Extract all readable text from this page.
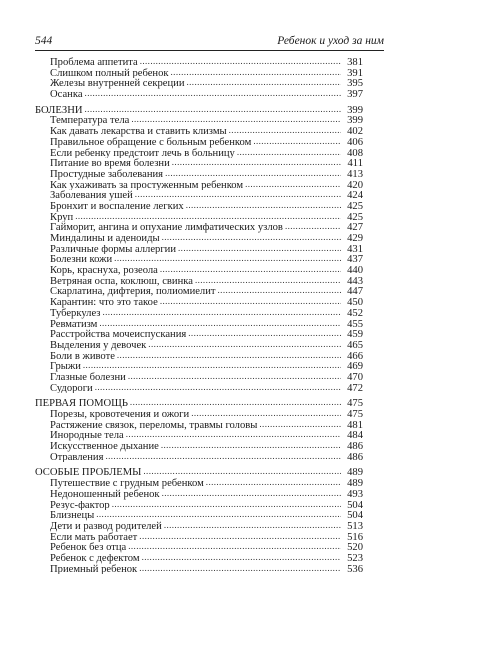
544	Ребенок и уход за ним
Проблема аппетита .....	381
Слишком полный ребенок .....	391
Железы внутренней секреции .....	395
Осанка .....	397
БОЛЕЗНИ .....	399
Температура тела .....	399
Как давать лекарства и ставить клизмы .....	402
Правильное обращение с больным ребенком .....	406
Если ребенку предстоит лечь в больницу .....	408
Питание во время болезни .....	411
Простудные заболевания .....	413
Как ухаживать за простуженным ребенком .....	420
Заболевания ушей .....	424
Бронхит и воспаление легких .....	425
Круп .....	425
Гайморит, ангина и опухание лимфатических узлов .....	427
Миндалины и аденоиды .....	429
Различные формы аллергии .....	431
Болезни кожи .....	437
Корь, краснуха, розеола .....	440
Ветряная оспа, коклюш, свинка .....	443
Скарлатина, дифтерия, полиомиелит .....	447
Карантин: что это такое .....	450
Туберкулез .....	452
Ревматизм .....	455
Расстройства мочеиспускания .....	459
Выделения у девочек .....	465
Боли в животе .....	466
Грыжи .....	469
Глазные болезни .....	470
Судороги .....	472
ПЕРВАЯ ПОМОЩЬ .....	475
Порезы, кровотечения и ожоги .....	475
Растяжение связок, переломы, травмы головы .....	481
Инородные тела .....	484
Искусственное дыхание .....	486
Отравления .....	486
ОСОБЫЕ ПРОБЛЕМЫ .....	489
Путешествие с грудным ребенком .....	489
Недоношенный ребенок .....	493
Резус-фактор .....	504
Близнецы .....	504
Дети и развод родителей .....	513
Если мать работает .....	516
Ребенок без отца .....	520
Ребенок с дефектом .....	523
Приемный ребенок .....	536
